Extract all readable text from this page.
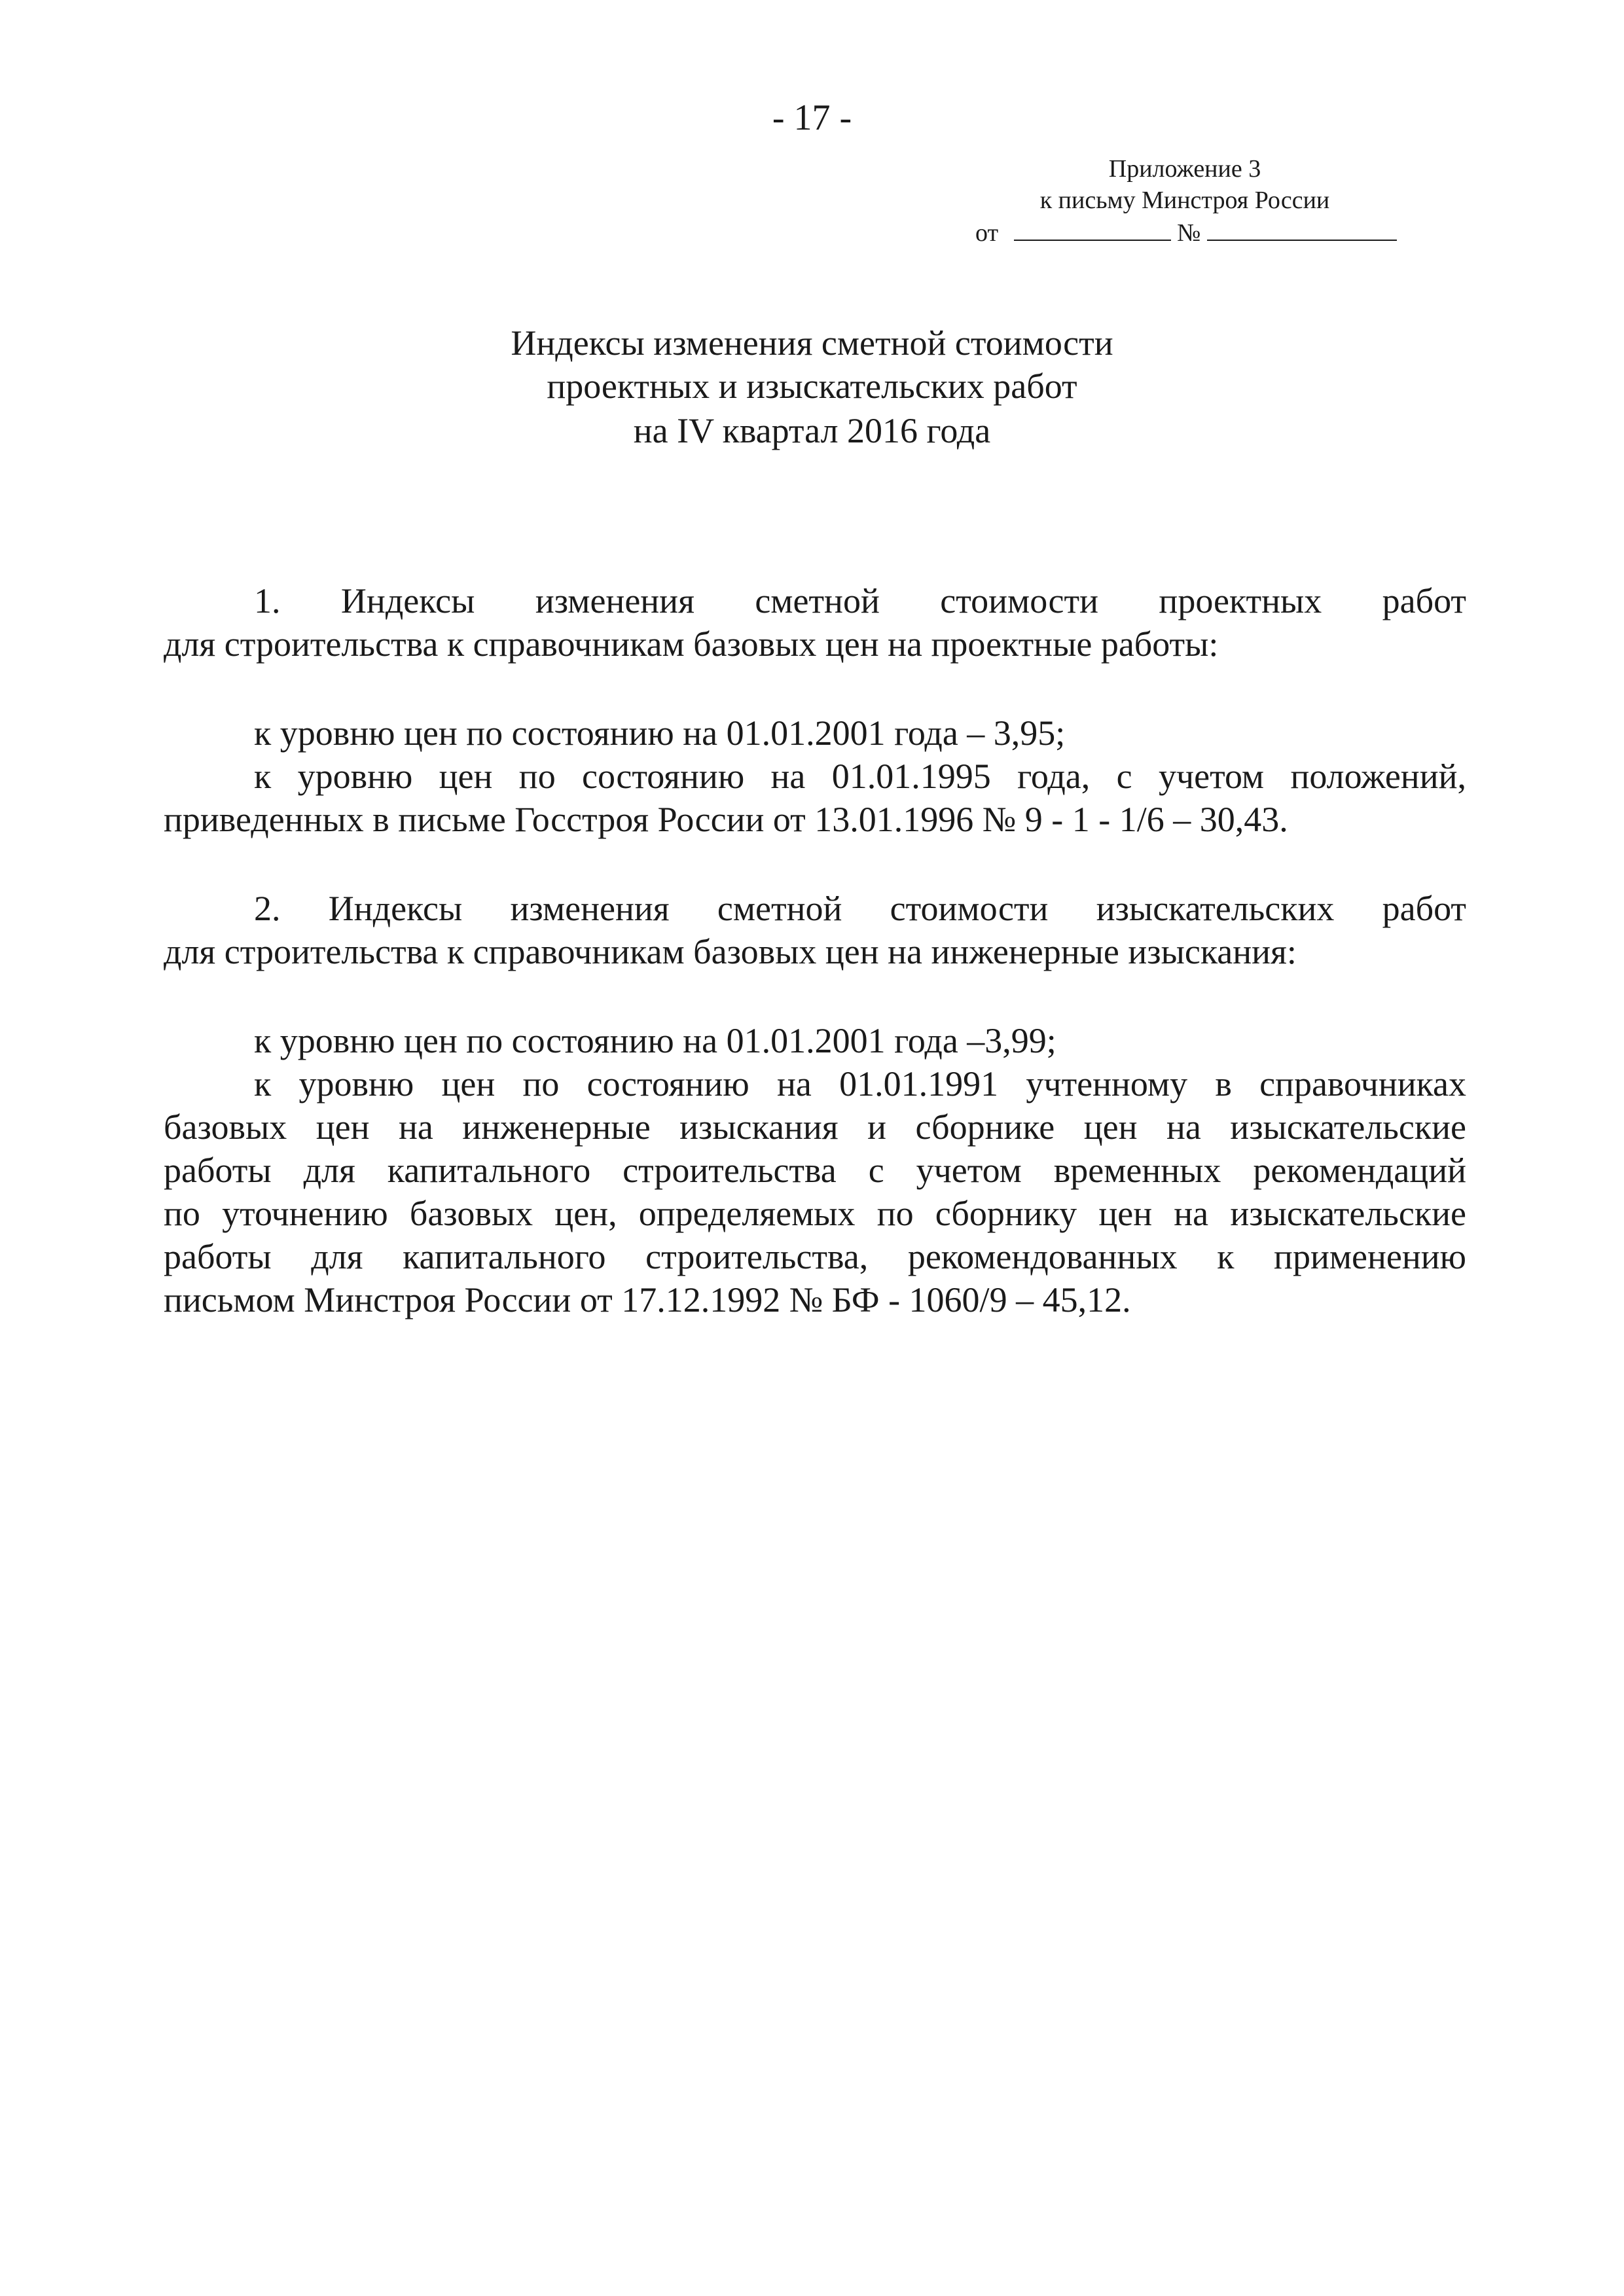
- 17 -
Приложение 3
к письму Минстроя России
от	№
Индексы изменения сметной стоимости
проектных и изыскательских работ
на IV квартал 2016 года
1. Индексы изменения сметной стоимости проектных работ
для строительства к справочникам базовых цен на проектные работы:
к уровню цен по состоянию на 01.01.2001 года – 3,95;
к уровню цен по состоянию на 01.01.1995 года, с учетом положений,
приведенных в письме Госстроя России от 13.01.1996 № 9 - 1 - 1/6 – 30,43.
2. Индексы изменения сметной стоимости изыскательских работ
для строительства к справочникам базовых цен на инженерные изыскания:
к уровню цен по состоянию на 01.01.2001 года –3,99;
к уровню цен по состоянию на 01.01.1991 учтенному в справочниках
базовых цен на инженерные изыскания и сборнике цен на изыскательские
работы для капитального строительства с учетом временных рекомендаций
по уточнению базовых цен, определяемых по сборнику цен на изыскательские
работы для капитального строительства, рекомендованных к применению
письмом Минстроя России от 17.12.1992 № БФ - 1060/9 – 45,12.
